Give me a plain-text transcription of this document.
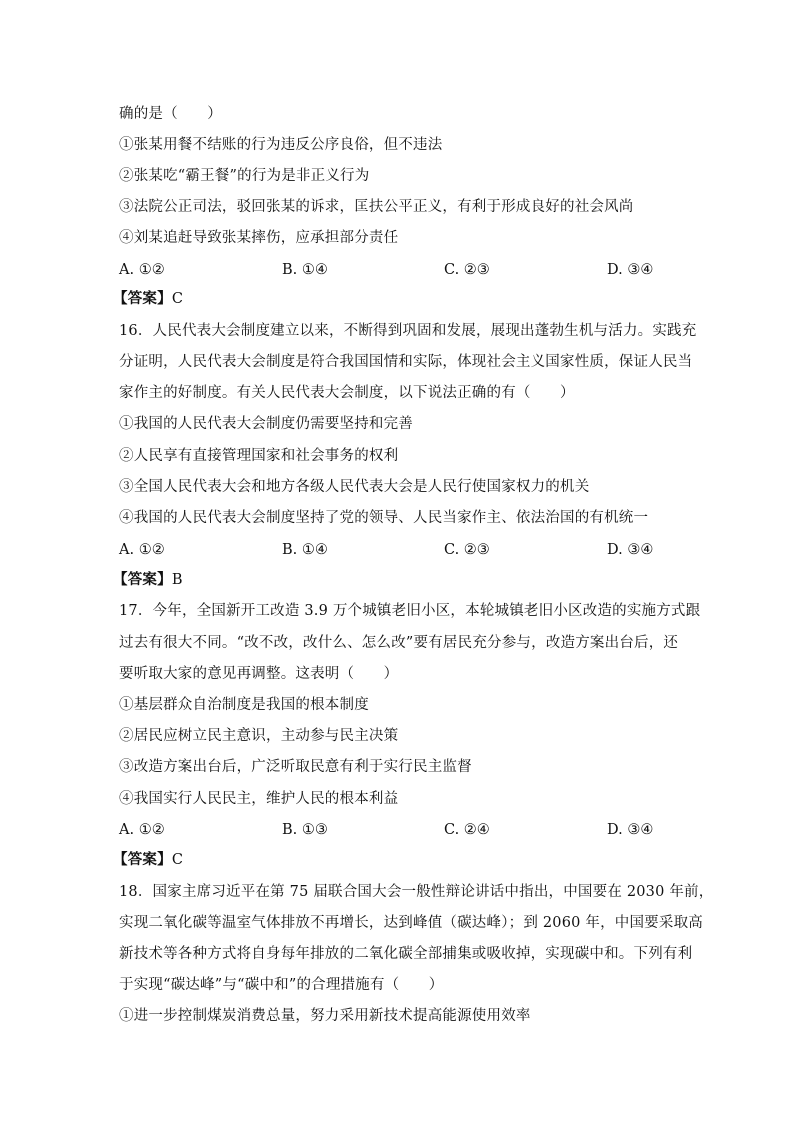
确的是（　　）
①张某用餐不结账的行为违反公序良俗，但不违法
②张某吃“霸王餐”的行为是非正义行为
③法院公正司法，驳回张某的诉求，匡扶公平正义，有利于形成良好的社会风尚
④刘某追赶导致张某摔伤，应承担部分责任
A. ①②	B. ①④	C. ②③	D. ③④
【答案】C
16．人民代表大会制度建立以来，不断得到巩固和发展，展现出蓬勃生机与活力。实践充
分证明，人民代表大会制度是符合我国国情和实际，体现社会主义国家性质，保证人民当
家作主的好制度。有关人民代表大会制度，以下说法正确的有（　　）
①我国的人民代表大会制度仍需要坚持和完善
②人民享有直接管理国家和社会事务的权利
③全国人民代表大会和地方各级人民代表大会是人民行使国家权力的机关
④我国的人民代表大会制度坚持了党的领导、人民当家作主、依法治国的有机统一
A. ①②	B. ①④	C. ②③	D. ③④
【答案】B
17．今年，全国新开工改造 3.9 万个城镇老旧小区，本轮城镇老旧小区改造的实施方式跟
过去有很大不同。“改不改，改什么、怎么改”要有居民充分参与，改造方案出台后，还
要听取大家的意见再调整。这表明（　　）
①基层群众自治制度是我国的根本制度
②居民应树立民主意识，主动参与民主决策
③改造方案出台后，广泛听取民意有利于实行民主监督
④我国实行人民民主，维护人民的根本利益
A. ①②	B. ①③	C. ②④	D. ③④
【答案】C
18．国家主席习近平在第 75 届联合国大会一般性辩论讲话中指出，中国要在 2030 年前，
实现二氧化碳等温室气体排放不再增长，达到峰值（碳达峰）；到 2060 年，中国要采取高
新技术等各种方式将自身每年排放的二氧化碳全部捕集或吸收掉，实现碳中和。下列有利
于实现“碳达峰”与“碳中和”的合理措施有（　　）
①进一步控制煤炭消费总量，努力采用新技术提高能源使用效率
